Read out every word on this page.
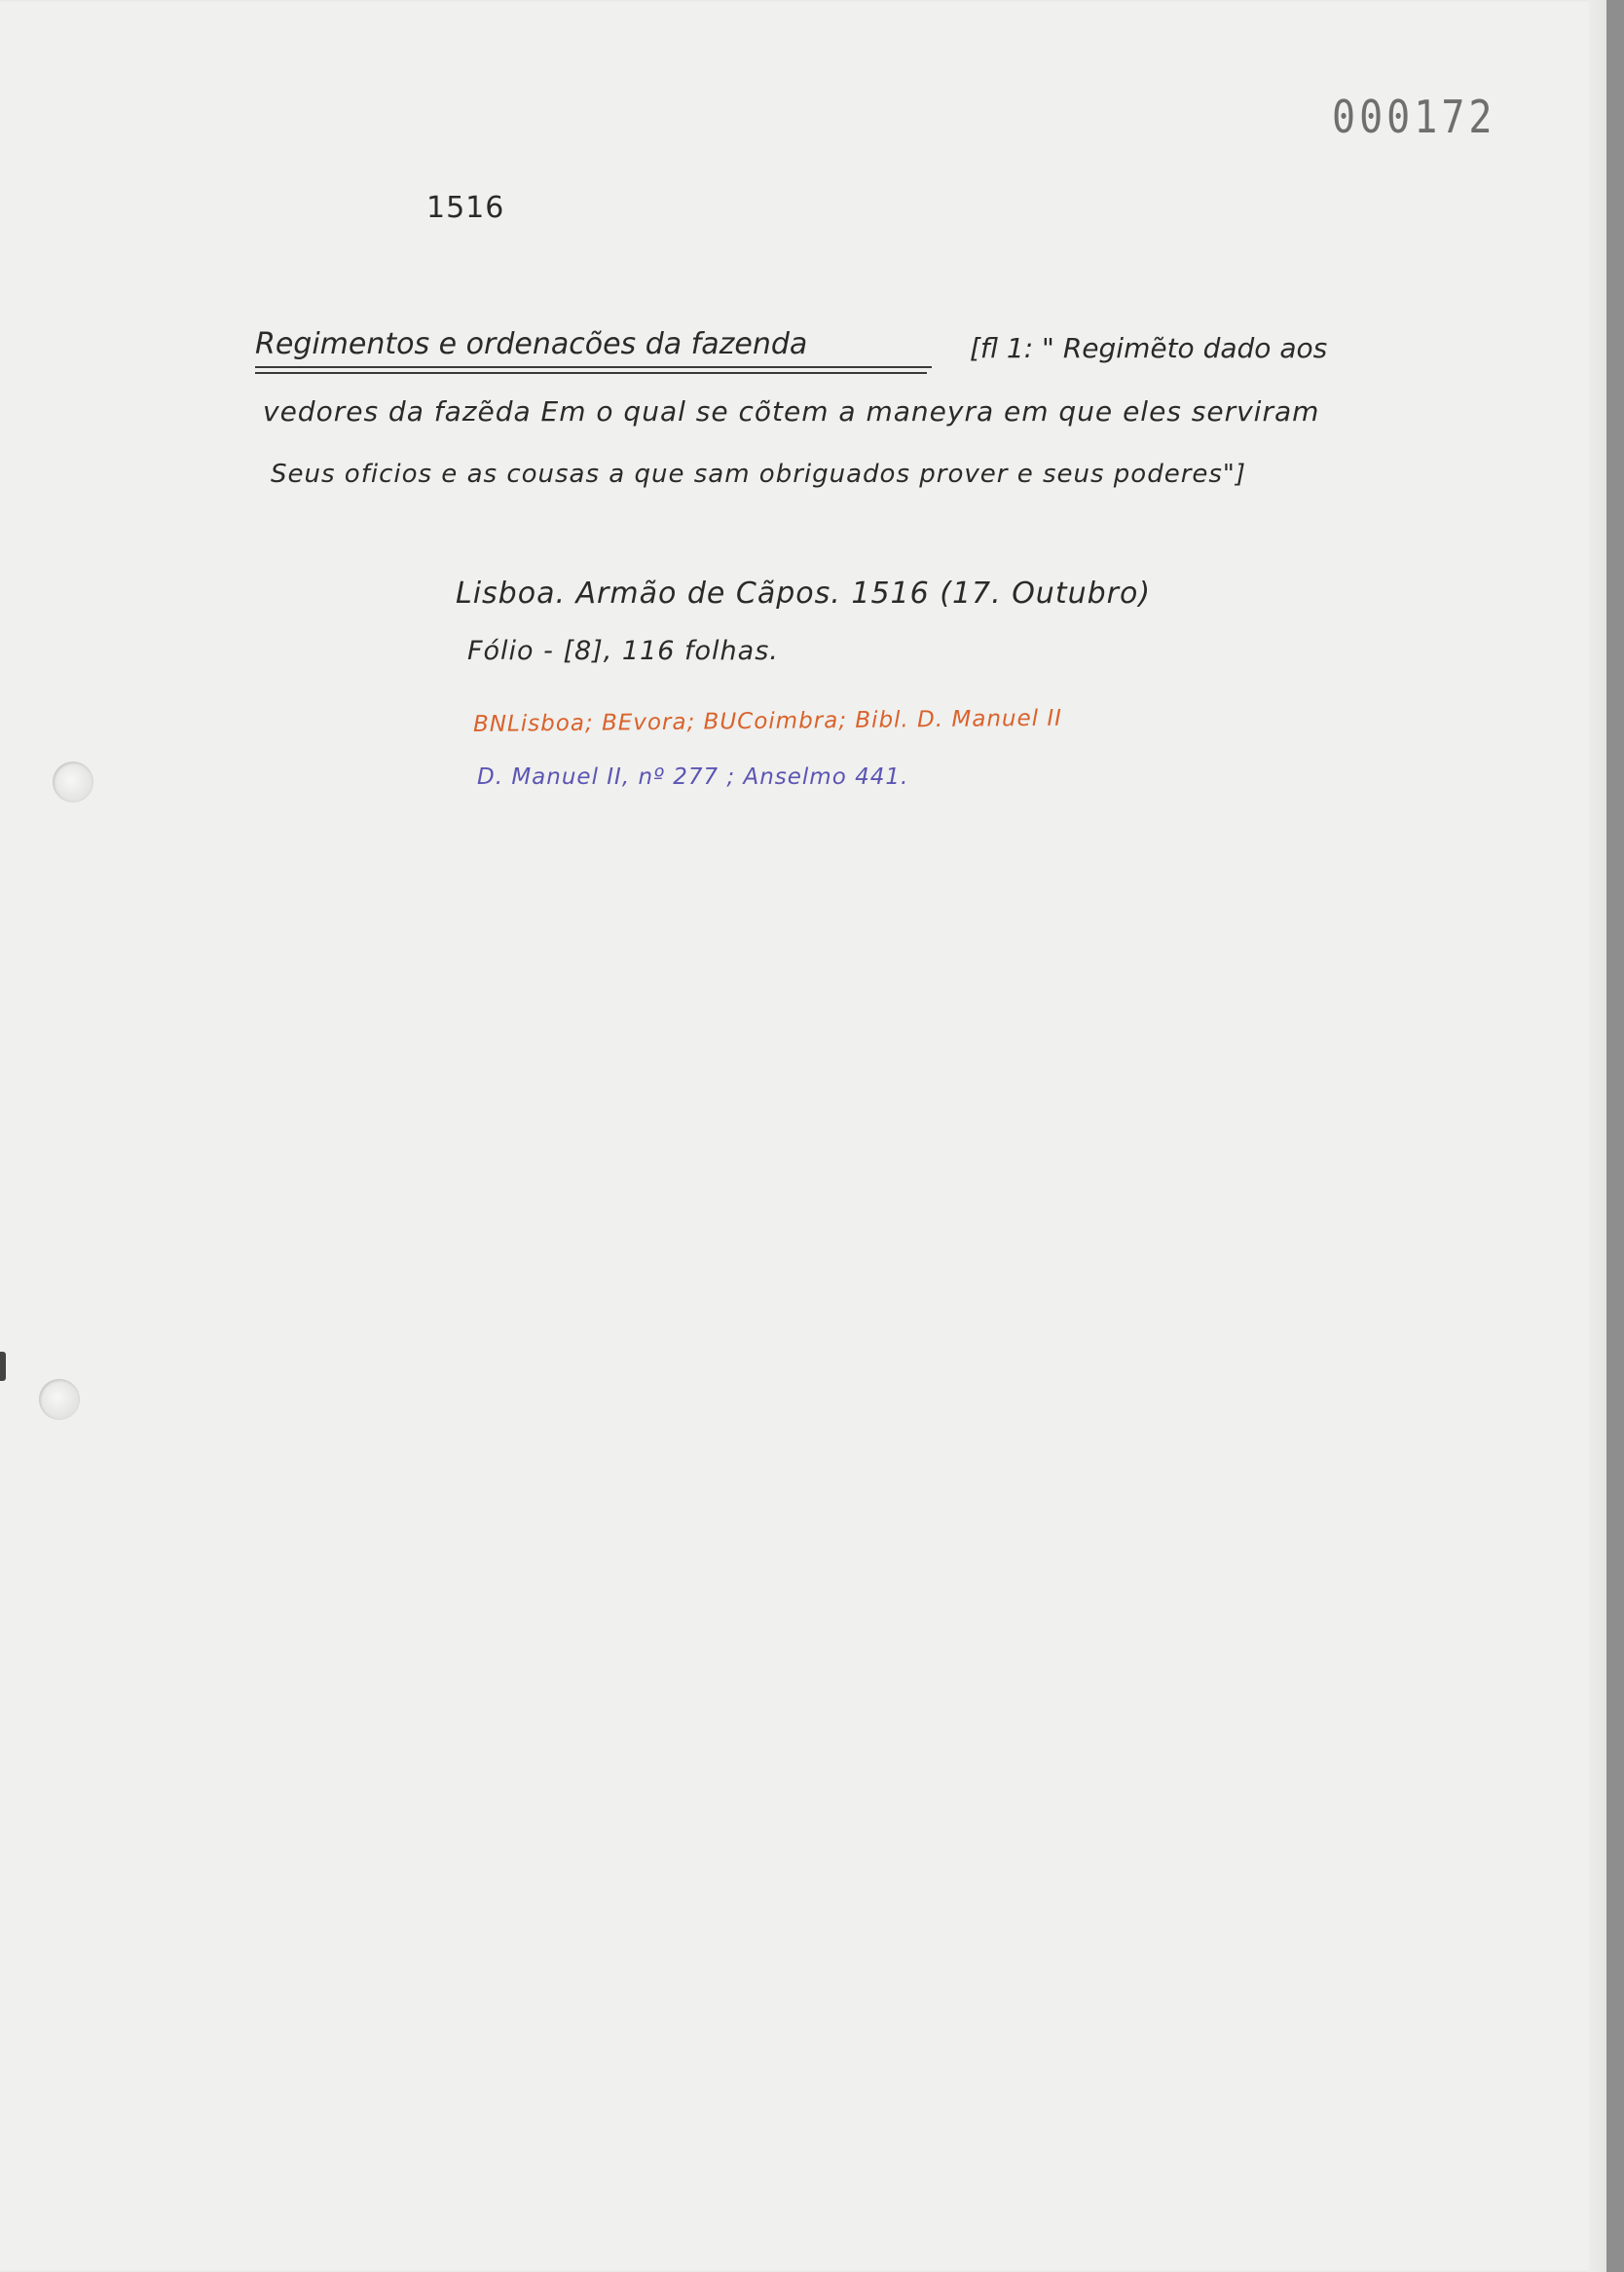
000172
1516
Regimentos e ordenacões da fazenda	[fl 1: " Regimẽto dado aos
vedores da fazẽda Em o qual se cõtem a maneyra em que eles serviram
Seus oficios e as cousas a que sam obriguados prover e seus poderes"]
Lisboa. Armão de Cãpos. 1516 (17. Outubro)
Fólio - [8], 116 folhas.
BNLisboa; BEvora; BUCoimbra; Bibl. D. Manuel II
D. Manuel II, nº 277 ; Anselmo 441.
